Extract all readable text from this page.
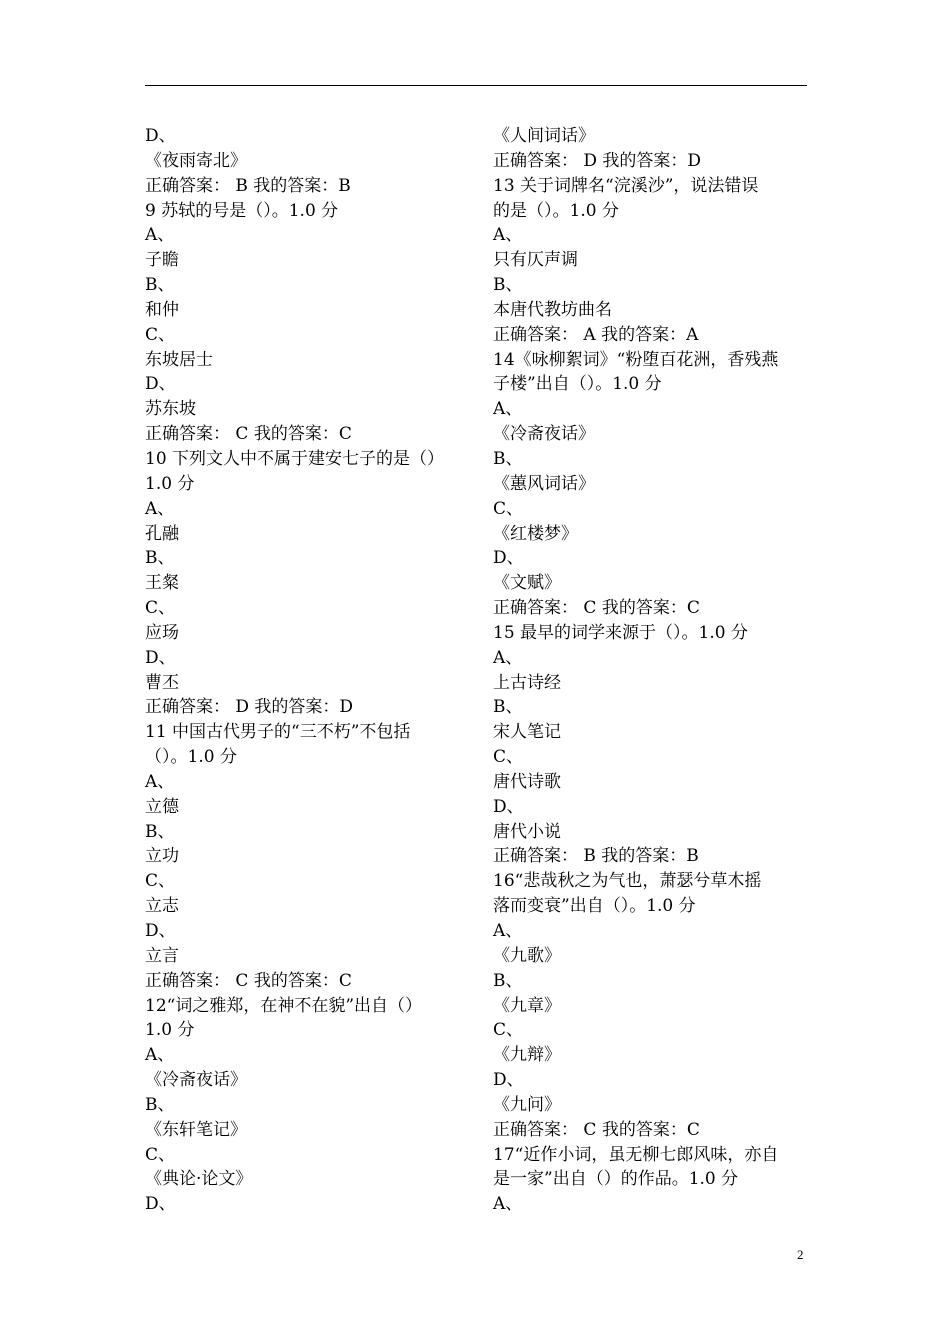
D、
《夜雨寄北》
正确答案： B 我的答案：B
9 苏轼的号是（）。1.0 分
A、
子瞻
B、
和仲
C、
东坡居士
D、
苏东坡
正确答案： C 我的答案：C
10 下列文人中不属于建安七子的是（）
1.0 分
A、
孔融
B、
王粲
C、
应玚
D、
曹丕
正确答案： D 我的答案：D
11 中国古代男子的“三不朽”不包括
（）。1.0 分
A、
立德
B、
立功
C、
立志
D、
立言
正确答案： C 我的答案：C
12“词之雅郑，在神不在貌”出自（）
1.0 分
A、
《冷斋夜话》
B、
《东轩笔记》
C、
《典论·论文》
D、
《人间词话》
正确答案： D 我的答案：D
13 关于词牌名“浣溪沙”，说法错误
的是（）。1.0 分
A、
只有仄声调
B、
本唐代教坊曲名
正确答案： A 我的答案：A
14《咏柳絮词》“粉堕百花洲，香残燕
子楼”出自（）。1.0 分
A、
《冷斋夜话》
B、
《蕙风词话》
C、
《红楼梦》
D、
《文赋》
正确答案： C 我的答案：C
15 最早的词学来源于（）。1.0 分
A、
上古诗经
B、
宋人笔记
C、
唐代诗歌
D、
唐代小说
正确答案： B 我的答案：B
16“悲哉秋之为气也，萧瑟兮草木摇
落而变衰”出自（）。1.0 分
A、
《九歌》
B、
《九章》
C、
《九辩》
D、
《九问》
正确答案： C 我的答案：C
17“近作小词，虽无柳七郎风味，亦自
是一家”出自（）的作品。1.0 分
A、
2
